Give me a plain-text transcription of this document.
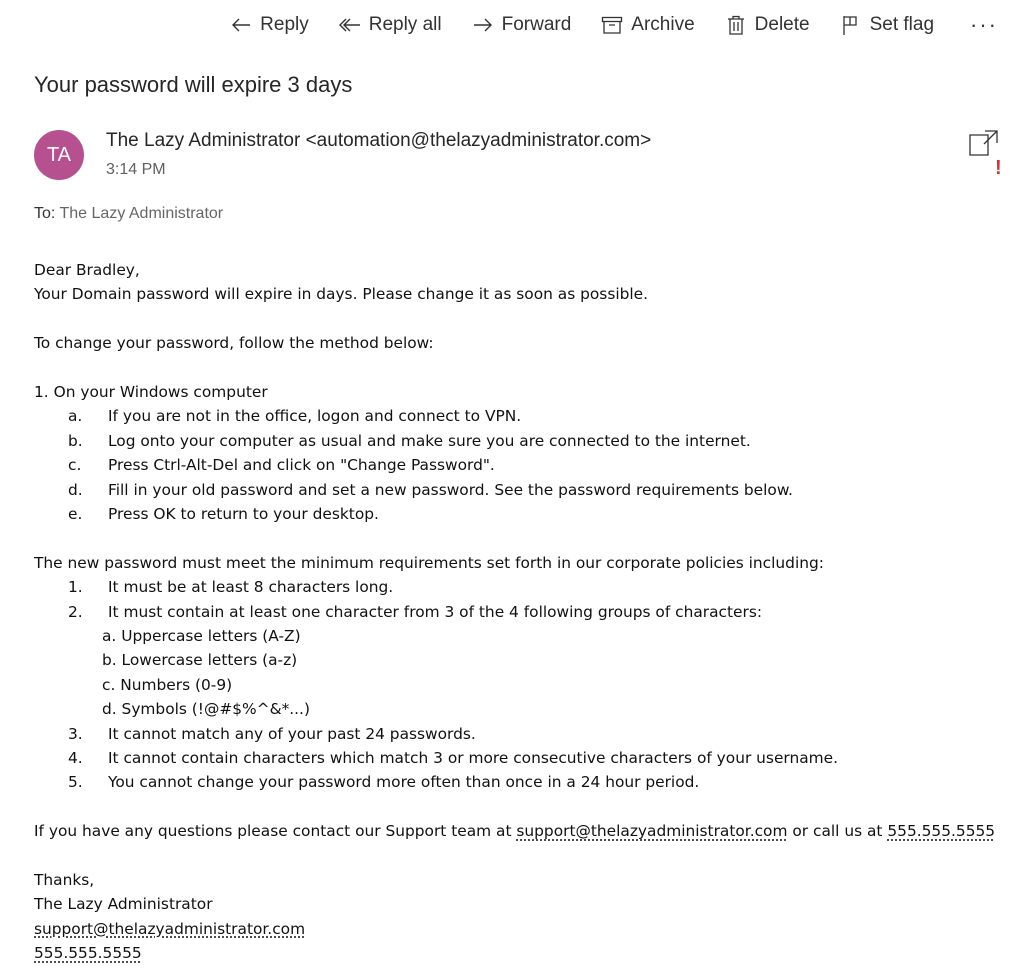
Reply	Reply all	Forward	Archive	Delete	Set flag ···
Your password will expire 3 days
TA
The Lazy Administrator <automation@thelazyadministrator.com>
3:14 PM	!
To: The Lazy Administrator

Dear Bradley,

Your Domain password will expire in days. Please change it as soon as possible.

To change your password, follow the method below:

1. On your Windows computer

a. If you are not in the office, logon and connect to VPN.
b. Log onto your computer as usual and make sure you are connected to the internet.
c. Press Ctrl-Alt-Del and click on "Change Password".
d. Fill in your old password and set a new password. See the password requirements below.
e. Press OK to return to your desktop.

The new password must meet the minimum requirements set forth in our corporate policies including:

1. It must be at least 8 characters long.
2. It must contain at least one character from 3 of the 4 following groups of characters:
a. Uppercase letters (A-Z)
b. Lowercase letters (a-z)
c. Numbers (0-9)
d. Symbols (!@#$%^&*...)
3. It cannot match any of your past 24 passwords.
4. It cannot contain characters which match 3 or more consecutive characters of your username.
5. You cannot change your password more often than once in a 24 hour period.

If you have any questions please contact our Support team at support@thelazyadministrator.com or call us at 555.555.5555

Thanks,

The Lazy Administrator

support@thelazyadministrator.com

555.555.5555
